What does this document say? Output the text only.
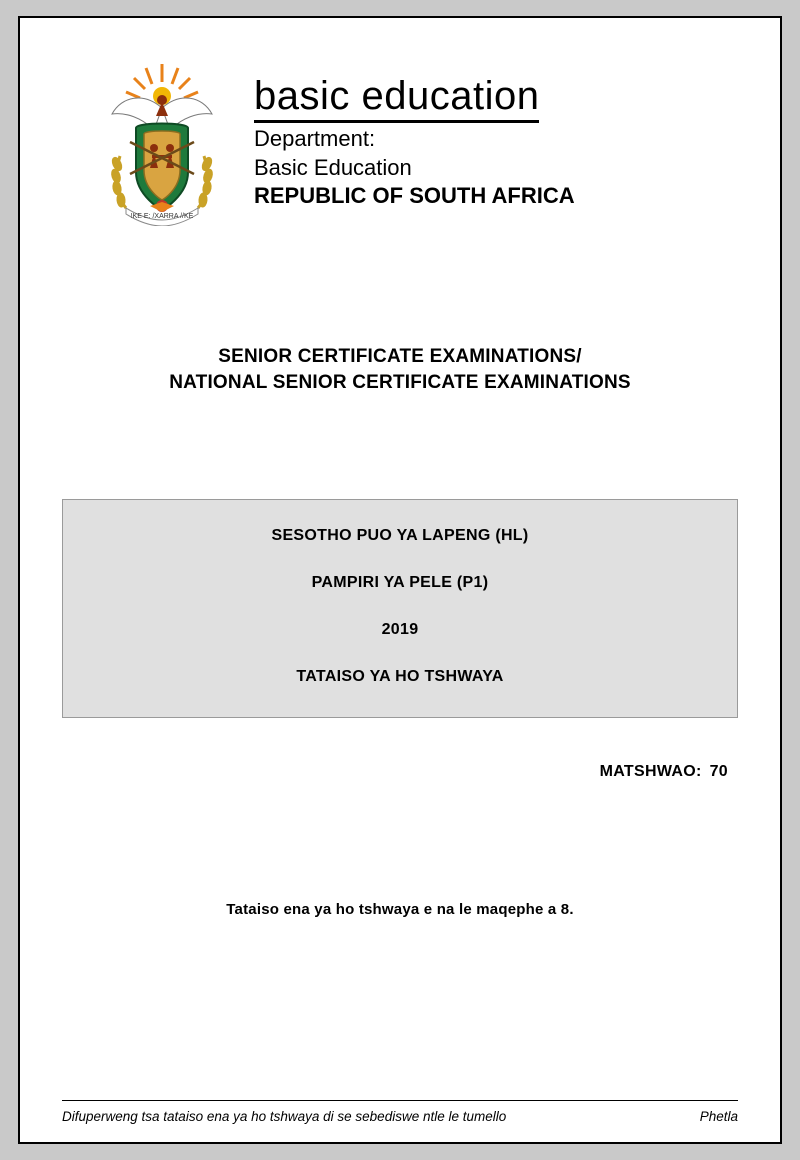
!KE E: /XARRA //KE
basic education
Department:
Basic Education
REPUBLIC OF SOUTH AFRICA
SENIOR CERTIFICATE EXAMINATIONS/
NATIONAL SENIOR CERTIFICATE EXAMINATIONS
SESOTHO PUO YA LAPENG (HL)
PAMPIRI YA PELE (P1)
2019
TATAISO YA HO TSHWAYA
MATSHWAO: 70
Tataiso ena ya ho tshwaya e na le maqephe a 8.
Difuperweng tsa tataiso ena ya ho tshwaya di se sebediswe ntle le tumello	Phetla
